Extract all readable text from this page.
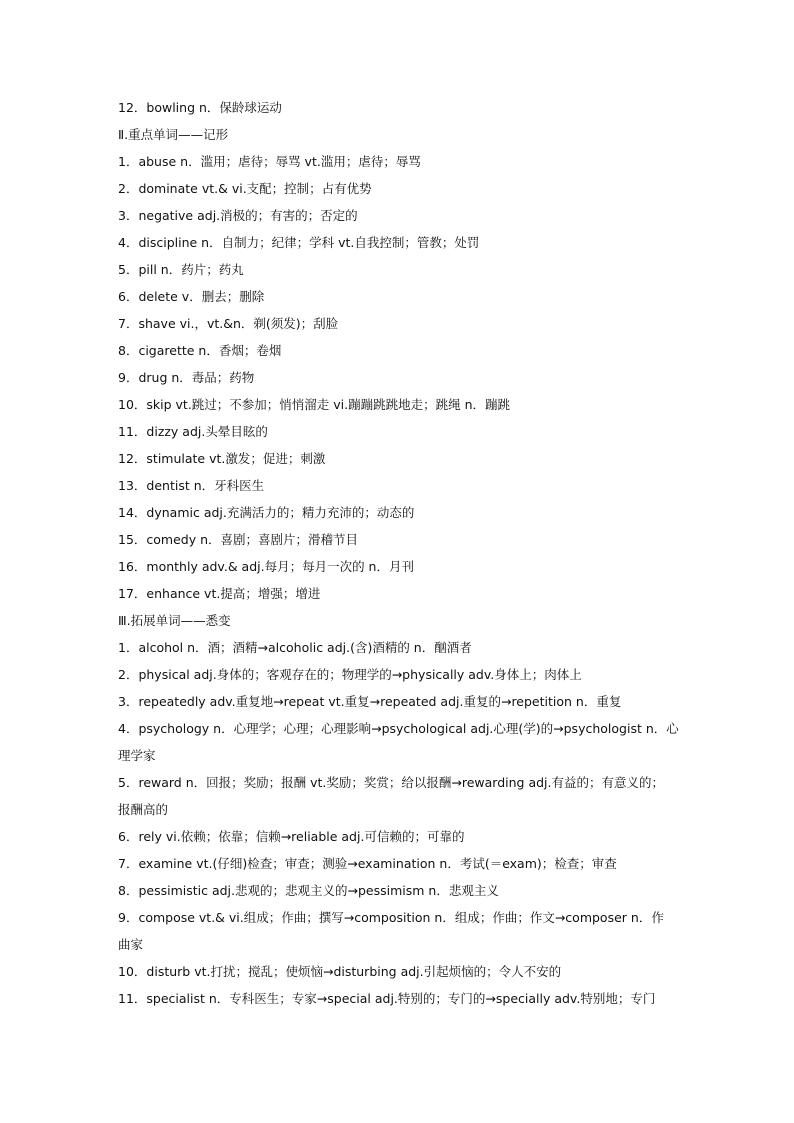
12．bowling n．保龄球运动
Ⅱ.重点单词——记形
1．abuse n．滥用；虐待；辱骂 vt.滥用；虐待；辱骂
2．dominate vt.& vi.支配；控制；占有优势
3．negative adj.消极的；有害的；否定的
4．discipline n．自制力；纪律；学科 vt.自我控制；管教；处罚
5．pill n．药片；药丸
6．delete v．删去；删除
7．shave vi.，vt.&n．剃(须发)；刮脸
8．cigarette n．香烟；卷烟
9．drug n．毒品；药物
10．skip vt.跳过；不参加；悄悄溜走 vi.蹦蹦跳跳地走；跳绳 n．蹦跳
11．dizzy adj.头晕目眩的
12．stimulate vt.激发；促进；刺激
13．dentist n．牙科医生
14．dynamic adj.充满活力的；精力充沛的；动态的
15．comedy n．喜剧；喜剧片；滑稽节目
16．monthly adv.& adj.每月；每月一次的 n．月刊
17．enhance vt.提高；增强；增进
Ⅲ.拓展单词——悉变
1．alcohol n．酒；酒精→alcoholic adj.(含)酒精的 n．酗酒者
2．physical adj.身体的；客观存在的；物理学的→physically adv.身体上；肉体上
3．repeatedly adv.重复地→repeat vt.重复→repeated adj.重复的→repetition n．重复
4．psychology n．心理学；心理；心理影响→psychological adj.心理(学)的→psychologist n．心
理学家
5．reward n．回报；奖励；报酬 vt.奖励；奖赏；给以报酬→rewarding adj.有益的；有意义的；
报酬高的
6．rely vi.依赖；依靠；信赖→reliable adj.可信赖的；可靠的
7．examine vt.(仔细)检查；审查；测验→examination n．考试(＝exam)；检查；审查
8．pessimistic adj.悲观的；悲观主义的→pessimism n．悲观主义
9．compose vt.& vi.组成；作曲；撰写→composition n．组成；作曲；作文→composer n．作
曲家
10．disturb vt.打扰；搅乱；使烦恼→disturbing adj.引起烦恼的；令人不安的
11．specialist n．专科医生；专家→special adj.特别的；专门的→specially adv.特别地；专门
